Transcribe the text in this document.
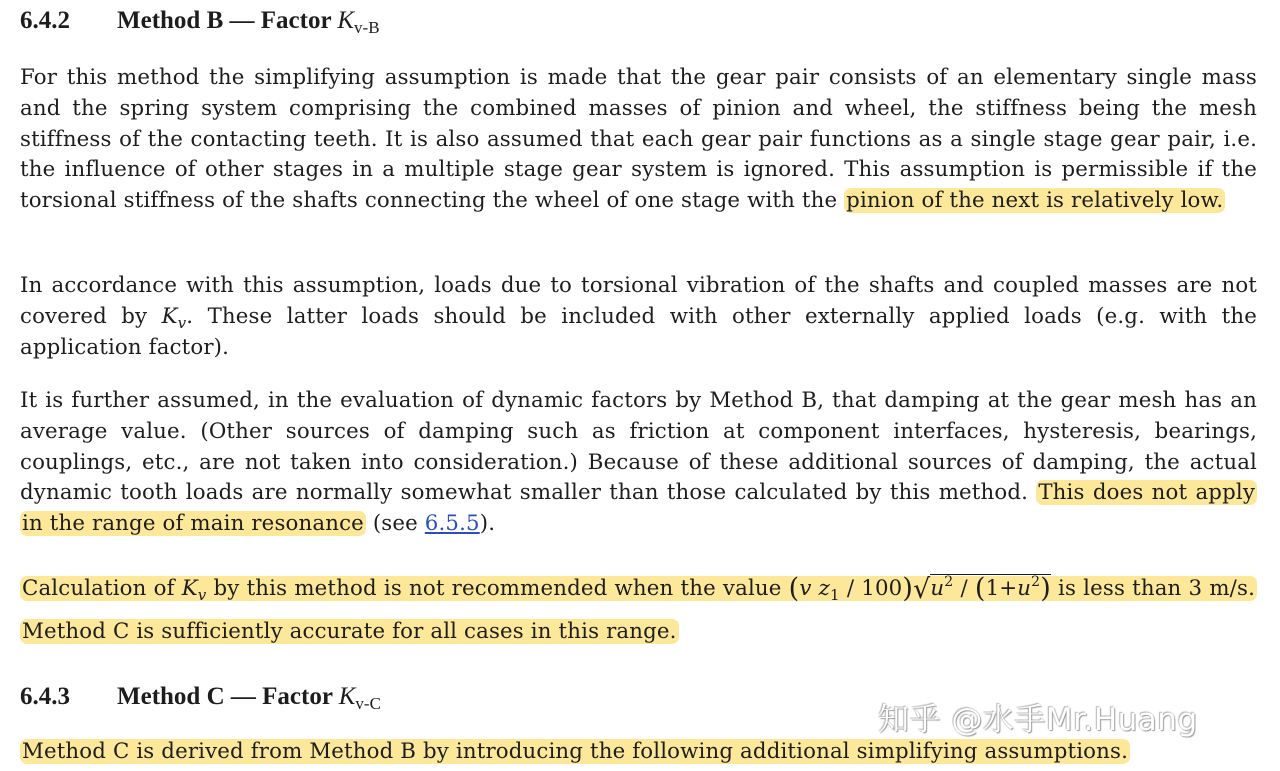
6.4.2 Method B — Factor $K_{v-B}$

For this method the simplifying assumption is made that the gear pair consists of an elementary single mass and the spring system comprising the combined masses of pinion and wheel, the stiffness being the mesh stiffness of the contacting teeth. It is also assumed that each gear pair functions as a single stage gear pair, i.e. the influence of other stages in a multiple stage gear system is ignored. This assumption is permissible if the torsional stiffness of the shafts connecting the wheel of one stage with the pinion of the next is relatively low.

In accordance with this assumption, loads due to torsional vibration of the shafts and coupled masses are not covered by $K_v$. These latter loads should be included with other externally applied loads (e.g. with the application factor).

It is further assumed, in the evaluation of dynamic factors by Method B, that damping at the gear mesh has an average value. (Other sources of damping such as friction at component interfaces, hysteresis, bearings, couplings, etc., are not taken into consideration.) Because of these additional sources of damping, the actual dynamic tooth loads are normally somewhat smaller than those calculated by this method. This does not apply in the range of main resonance (see 6.5.5).

Calculation of $K_v$ by this method is not recommended when the value (v $z_1 / 100)√u^2 / (1+u^2)$ is less than 3 m/s. Method C is sufficiently accurate for all cases in this range.

6.4.3 Method C — Factor $K_{v-C}$

Method C is derived from Method B by introducing the following additional simplifying assumptions.

知乎 @水手Mr.Huang
